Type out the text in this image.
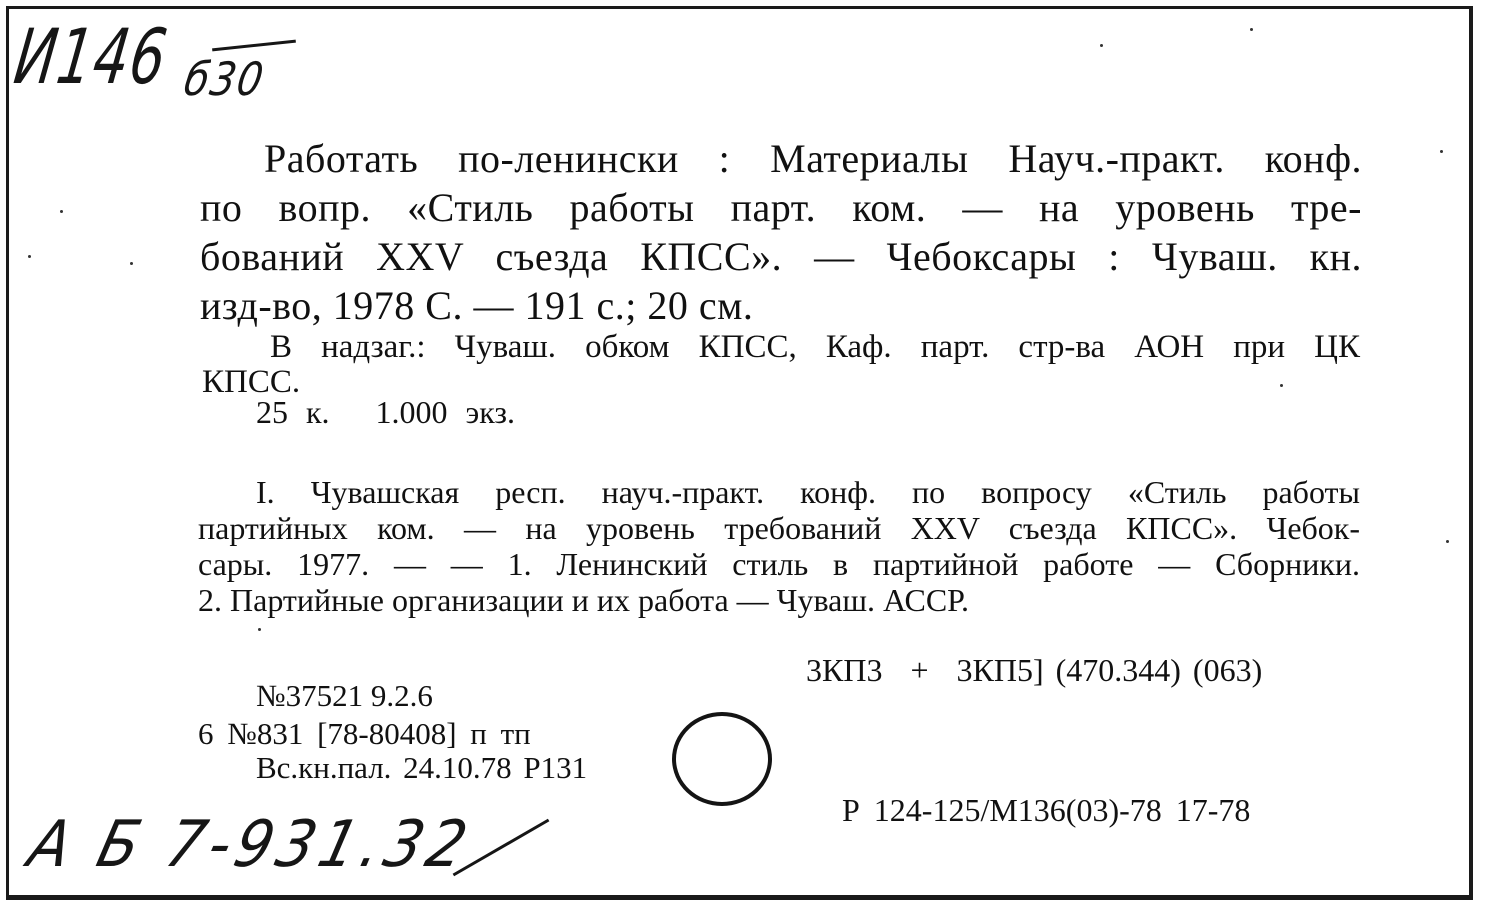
И146 б30
Работать по-ленински : Материалы Науч.-практ. конф.
по вопр. «Стиль работы парт. ком. — на уровень тре-
бований XXV съезда КПСС». — Чебоксары : Чуваш. кн.
изд-во, 1978 С. — 191 с.; 20 см.
В надзаг.: Чуваш. обком КПСС, Каф. парт. стр-ва АОН при ЦК
КПСС.
25 к. 1.000 экз.
I. Чувашская респ. науч.-практ. конф. по вопросу «Стиль работы
партийных ком. — на уровень требований XXV съезда КПСС». Чебок-
сары. 1977. — — 1. Ленинский стиль в партийной работе — Сборники.
2. Партийные организации и их работа — Чуваш. АССР.
3КП3 + 3КП5] (470.344) (063)
№37521 9.2.6
6 №831 [78-80408] п тп
Вс.кн.пал. 24.10.78 Р131
Р 124-125/М136(03)-78 17-78
А Б 7-931.32
